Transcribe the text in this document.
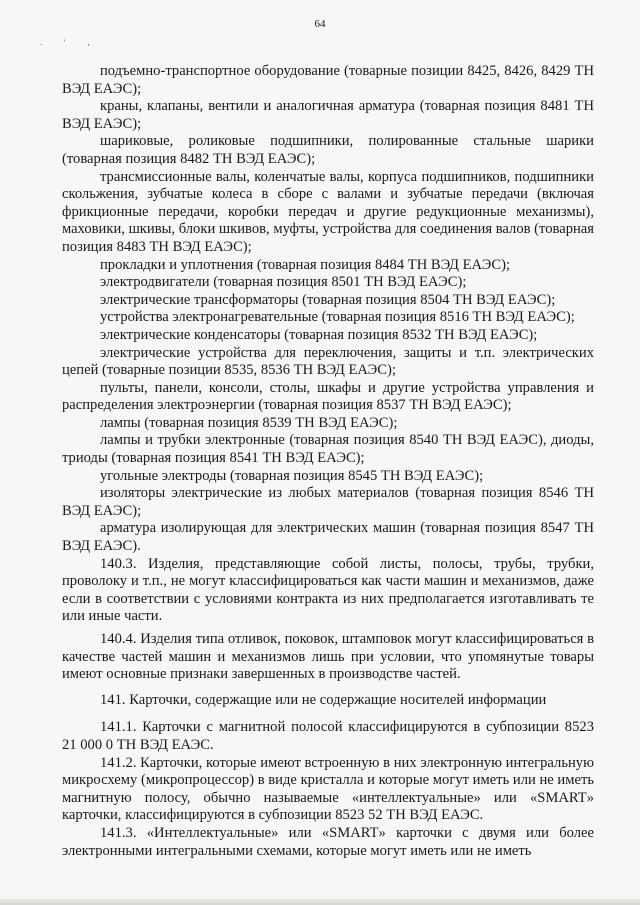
64
. ' ,

подъемно-транспортное оборудование (товарные позиции 8425, 8426, 8429 ТН ВЭД ЕАЭС);

краны, клапаны, вентили и аналогичная арматура (товарная позиция 8481 ТН ВЭД ЕАЭС);

шариковые, роликовые подшипники, полированные стальные шарики (товарная позиция 8482 ТН ВЭД ЕАЭС);

трансмиссионные валы, коленчатые валы, корпуса подшипников, подшипники скольжения, зубчатые колеса в сборе с валами и зубчатые передачи (включая фрикционные передачи, коробки передач и другие редукционные механизмы), маховики, шкивы, блоки шкивов, муфты, устройства для соединения валов (товарная позиция 8483 ТН ВЭД ЕАЭС);

прокладки и уплотнения (товарная позиция 8484 ТН ВЭД ЕАЭС);

электродвигатели (товарная позиция 8501 ТН ВЭД ЕАЭС);

электрические трансформаторы (товарная позиция 8504 ТН ВЭД ЕАЭС);

устройства электронагревательные (товарная позиция 8516 ТН ВЭД ЕАЭС);

электрические конденсаторы (товарная позиция 8532 ТН ВЭД ЕАЭС);

электрические устройства для переключения, защиты и т.п. электрических цепей (товарные позиции 8535, 8536 ТН ВЭД ЕАЭС);

пульты, панели, консоли, столы, шкафы и другие устройства управления и распределения электроэнергии (товарная позиция 8537 ТН ВЭД ЕАЭС);

лампы (товарная позиция 8539 ТН ВЭД ЕАЭС);

лампы и трубки электронные (товарная позиция 8540 ТН ВЭД ЕАЭС), диоды, триоды (товарная позиция 8541 ТН ВЭД ЕАЭС);

угольные электроды (товарная позиция 8545 ТН ВЭД ЕАЭС);

изоляторы электрические из любых материалов (товарная позиция 8546 ТН ВЭД ЕАЭС);

арматура изолирующая для электрических машин (товарная позиция 8547 ТН ВЭД ЕАЭС).

140.3. Изделия, представляющие собой листы, полосы, трубы, трубки, проволоку и т.п., не могут классифицироваться как части машин и механизмов, даже если в соответствии с условиями контракта из них предполагается изготавливать те или иные части.

140.4. Изделия типа отливок, поковок, штамповок могут классифицироваться в качестве частей машин и механизмов лишь при условии, что упомянутые товары имеют основные признаки завершенных в производстве частей.

141. Карточки, содержащие или не содержащие носителей информации

141.1. Карточки с магнитной полосой классифицируются в субпозиции 8523 21 000 0 ТН ВЭД ЕАЭС.

141.2. Карточки, которые имеют встроенную в них электронную интегральную микросхему (микропроцессор) в виде кристалла и которые могут иметь или не иметь магнитную полосу, обычно называемые «интеллектуальные» или «SMART» карточки, классифицируются в субпозиции 8523 52 ТН ВЭД ЕАЭС.

141.3. «Интеллектуальные» или «SMART» карточки с двумя или более электронными интегральными схемами, которые могут иметь или не иметь
